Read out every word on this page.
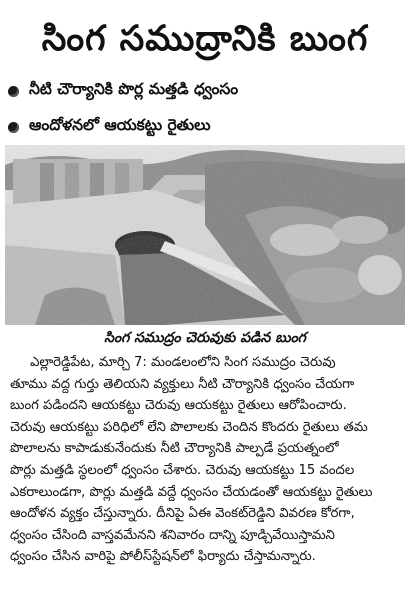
సింగ సముద్రానికి బుంగ
నీటి చౌర్యానికి పొర్ల మత్తడి ధ్వంసం
ఆందోళనలో ఆయకట్టు రైతులు
సింగ సముద్రం చెరువుకు పడిన బుంగ

ఎల్లారెడ్డిపేట, మార్చి 7: మండలంలోని సింగ సముద్రం చెరువు

తూము వద్ద గుర్తు తెలియని వ్యక్తులు నీటి చౌర్యానికి ధ్వంసం చేయగా

బుంగ పడిందని ఆయకట్టు చెరువు ఆయకట్టు రైతులు ఆరోపించారు.

చెరువు ఆయకట్టు పరిధిలో లేని పొలాలకు చెందిన కొందరు రైతులు తమ

పొలాలను కాపాడుకునేందుకు నీటి చౌర్యానికి పాల్పడే ప్రయత్నంలో

పొర్లు మత్తడి స్థలంలో ధ్వంసం చేశారు. చెరువు ఆయకట్టు 15 వందల

ఎకరాలుండగా, పొర్లు మత్తడి వద్దే ధ్వంసం చేయడంతో ఆయకట్టు రైతులు

ఆందోళన వ్యక్తం చేస్తున్నారు. దీనిపై ఏఈ వెంకట్‌రెడ్డిని వివరణ కోరగా,

ధ్వంసం చేసింది వాస్తవమేనని శనివారం దాన్ని పూడ్చివేయిస్తామని

ధ్వంసం చేసిన వారిపై పోలీస్‌స్టేషన్‌లో ఫిర్యాదు చేస్తామన్నారు.
